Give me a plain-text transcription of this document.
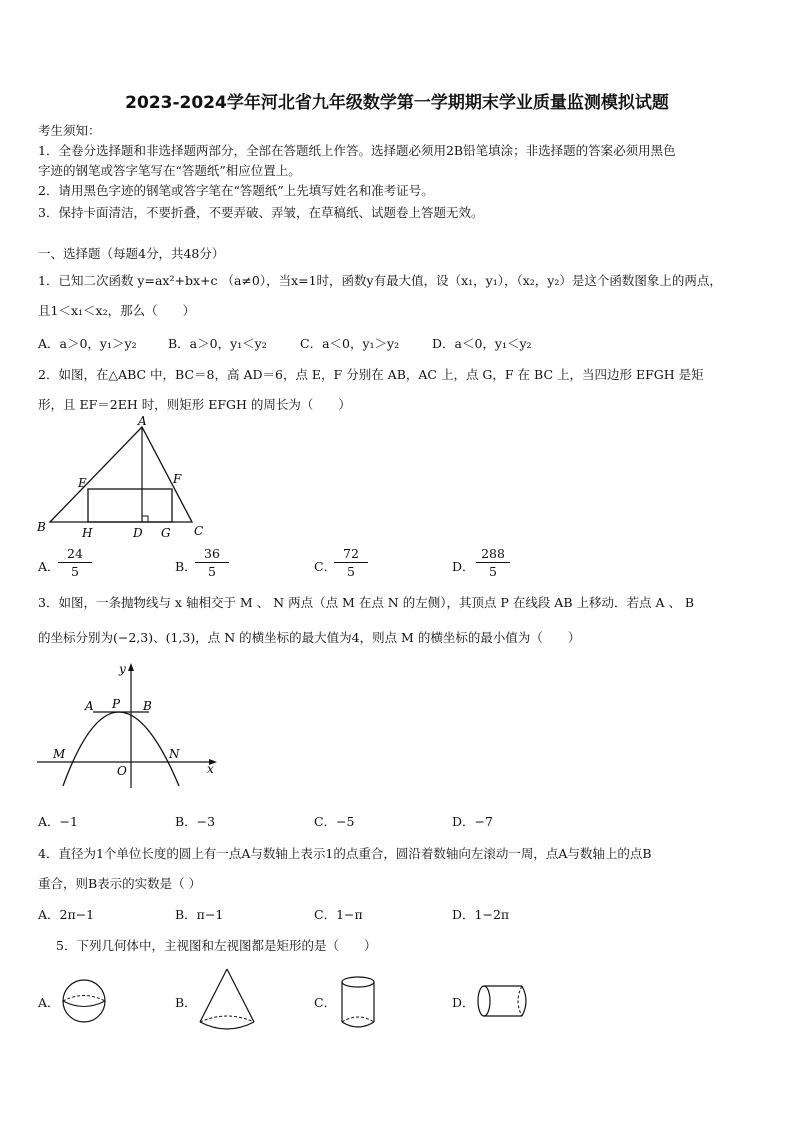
2023-2024学年河北省九年级数学第一学期期末学业质量监测模拟试题
考生须知：
1．全卷分选择题和非选择题两部分，全部在答题纸上作答。选择题必须用2B铅笔填涂；非选择题的答案必须用黑色
字迹的钢笔或答字笔写在“答题纸”相应位置上。
2．请用黑色字迹的钢笔或答字笔在“答题纸”上先填写姓名和准考证号。
3．保持卡面清洁，不要折叠，不要弄破、弄皱，在草稿纸、试题卷上答题无效。
一、选择题（每题4分，共48分）
1．已知二次函数 y=ax²+bx+c （a≠0），当x=1时，函数y有最大值，设（x₁，y₁），（x₂，y₂）是这个函数图象上的两点，
且1＜x₁＜x₂，那么（　　）
A．a＞0，y₁＞y₂	B．a＞0，y₁＜y₂	C．a＜0，y₁＞y₂	D．a＜0，y₁＜y₂
2．如图，在△ABC 中，BC＝8，高 AD＝6，点 E，F 分别在 AB，AC 上，点 G，F 在 BC 上，当四边形 EFGH 是矩
形，且 EF＝2EH 时，则矩形 EFGH 的周长为（　　）
A
E	F
B	H	D G C
A．
$\frac{24}{5}$	B．
$\frac{36}{5}$	C．
$\frac{72}{5}$	D． $\frac{288}{5}$
3．如图，一条抛物线与 x 轴相交于 M 、 N 两点（点 M 在点 N 的左侧），其顶点 P 在线段 AB 上移动．若点 A 、 B
的坐标分别为(−2,3)、(1,3)，点 N 的横坐标的最大值为4，则点 M 的横坐标的最小值为（　　）
y
A P B
M	N
O	x
A．−1	B．−3	C．−5	D．−7
4．直径为1个单位长度的圆上有一点A与数轴上表示1的点重合，圆沿着数轴向左滚动一周，点A与数轴上的点B
重合，则B表示的实数是（ ）
A．2π−1	B．π−1	C．1−π	D．1−2π
5．下列几何体中，主视图和左视图都是矩形的是（　　）
A．	B．	C．	D．
